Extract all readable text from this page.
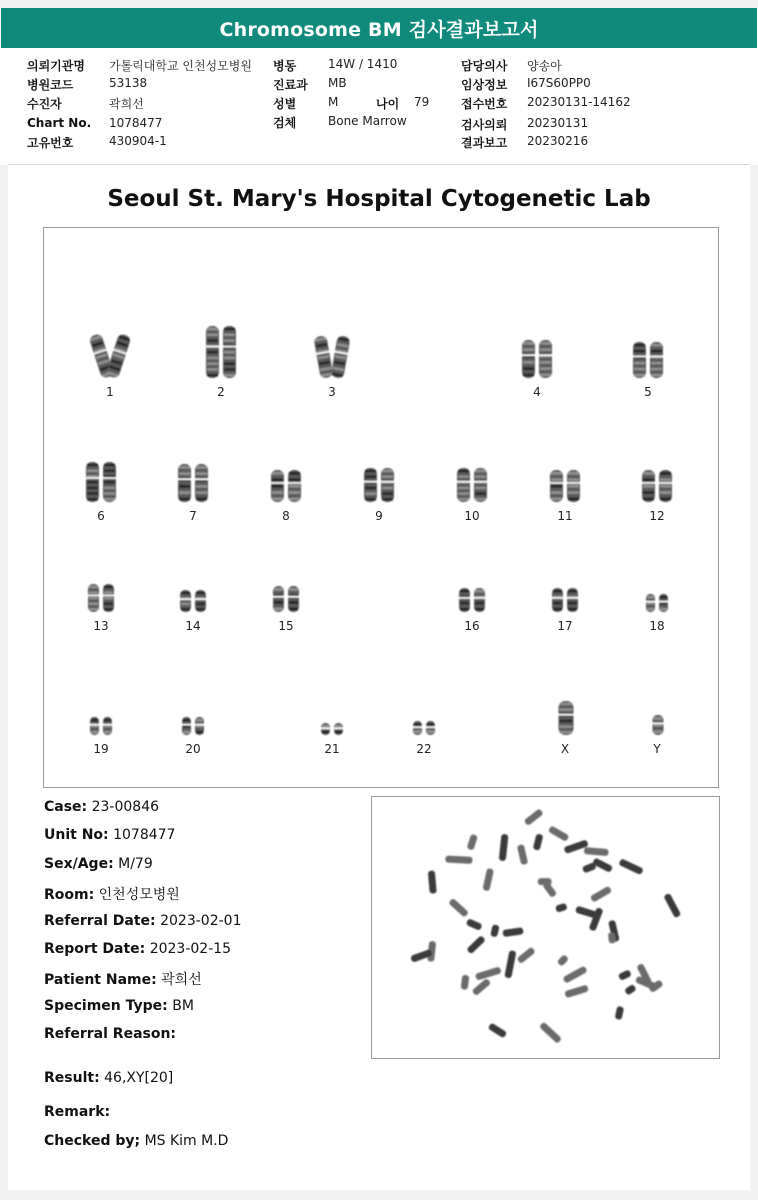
Chromosome BM 검사결과보고서
의뢰기관명 가톨릭대학교 인천성모병원
병원코드	53138
수진자	곽희선
Chart No. 1078477
고유번호	430904-1
병동	14W / 1410
진료과 MB
성별	M	나이 79
검체	Bone Marrow
담당의사 양송아
임상정보 I67S60PP0
접수번호 20230131-14162
검사의뢰 20230131
결과보고 20230216
Seoul St. Mary's Hospital Cytogenetic Lab
1	2	3	4	5
6	7	8	9	10	11	12
13	14	15	16	17	18
19	20	21	22	X	Y
Case: 23-00846
Unit No: 1078477
Sex/Age: M/79
Room: 인천성모병원
Referral Date: 2023-02-01
Report Date: 2023-02-15
Patient Name: 곽희선
Specimen Type: BM
Referral Reason:
Result: 46,XY[20]
Remark:
Checked by; MS Kim M.D
